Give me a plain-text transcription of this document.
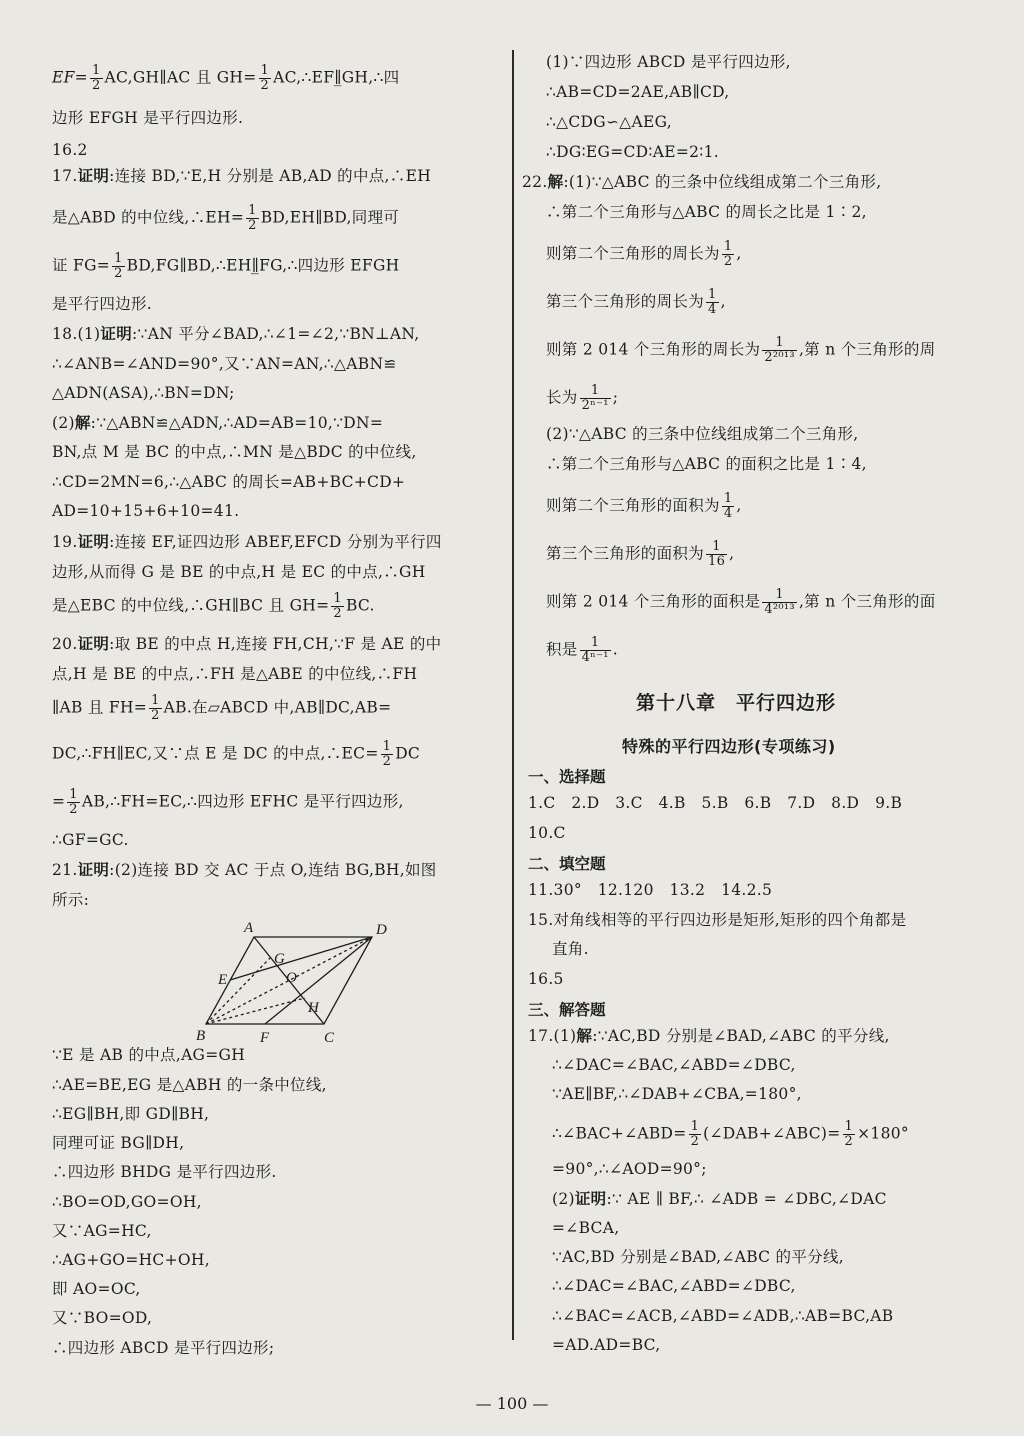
$EF= \frac{1}{2}$ AC,GH∥AC 且 $GH= \frac{1}{2}$ AC,∴EF∥̲GH,∴四
边形 EFGH 是平行四边形.
16.2
17.证明:连接 BD,∵E,H 分别是 AB,AD 的中点,∴EH
是△ABD 的中位线,∴EH= $\frac{1}{2}$ BD,EH∥BD,同理可
证 $FG= \frac{1}{2}$ BD,FG∥BD,∴EH∥̲FG,∴四边形 EFGH
是平行四边形.
18.(1)证明:∵AN 平分∠BAD,∴∠1=∠2,∵BN⊥AN,
∴∠ANB=∠AND=90°,又∵AN=AN,∴△ABN≌
△ADN(ASA),∴BN=DN;
(2)解:∵△ABN≌△ADN,∴AD=AB=10,∵DN=
BN,点 M 是 BC 的中点,∴MN 是△BDC 的中位线,
∴CD=2MN=6,∴△ABC 的周长=AB+BC+CD+
AD=10+15+6+10=41.
19.证明:连接 EF,证四边形 ABEF,EFCD 分别为平行四
边形,从而得 G 是 BE 的中点,H 是 EC 的中点,∴GH
是△EBC 的中位线,∴GH∥BC 且 $GH= \frac{1}{2}$ BC.
20.证明:取 BE 的中点 H,连接 FH,CH,∵F 是 AE 的中
点,H 是 BE 的中点,∴FH 是△ABE 的中位线,∴FH
∥AB 且 $FH= \frac{1}{2}$ AB.在▱ABCD 中,AB∥DC,AB=
DC,∴FH∥EC,又∵点 E 是 DC 的中点,∴EC= $\frac{1}{2}$ DC
= $\frac{1}{2}$ AB,∴FH=EC,∴四边形 EFHC 是平行四边形,
∴GF=GC.
21.证明:(2)连接 BD 交 AC 于点 O,连结 BG,BH,如图
所示:
A	D
G
O
E
H
B	F	C
∵E 是 AB 的中点,AG=GH
∴AE=BE,EG 是△ABH 的一条中位线,
∴EG∥BH,即 GD∥BH,
同理可证 BG∥DH,
∴四边形 BHDG 是平行四边形.
∴BO=OD,GO=OH,
又∵AG=HC,
∴AG+GO=HC+OH,
即 AO=OC,
又∵BO=OD,
∴四边形 ABCD 是平行四边形;
(1)∵四边形 ABCD 是平行四边形,
∴AB=CD=2AE,AB∥CD,
∴△CDG∽△AEG,
∴DG∶EG=CD∶AE=2∶1.
22.解:(1)∵△ABC 的三条中位线组成第二个三角形,
∴第二个三角形与△ABC 的周长之比是 1∶2,
则第二个三角形的周长为 $\frac{1}{2}$ ,
第三个三角形的周长为 $\frac{1}{4}$ ,
则第 2 014 个三角形的周长为 $\frac{1}{\text{2²⁰¹³}}$ ,第 n 个三角形的周
长为 $\frac{1}{\text{2ⁿ⁻¹}}$ ;
(2)∵△ABC 的三条中位线组成第二个三角形,
∴第二个三角形与△ABC 的面积之比是 1∶4,
则第二个三角形的面积为 $\frac{1}{4}$ ,
第三个三角形的面积为 $\frac{1}{16}$ ,
则第 2 014 个三角形的面积是 $\frac{1}{\text{4²⁰¹³}}$ ,第 n 个三角形的面
积是 $\frac{1}{\text{4ⁿ⁻¹}}$ .
第十八章　平行四边形
特殊的平行四边形(专项练习)
一、选择题
1.C　2.D　3.C　4.B　5.B　6.B　7.D　8.D　9.B
10.C
二、填空题
11.30°　12.120　13.2　14.2.5
15.对角线相等的平行四边形是矩形,矩形的四个角都是
直角.
16.5
三、解答题
17.(1)解:∵AC,BD 分别是∠BAD,∠ABC 的平分线,
∴∠DAC=∠BAC,∠ABD=∠DBC,
∵AE∥BF,∴∠DAB+∠CBA,=180°,
∴∠BAC+∠ABD= $\frac{1}{2}$ (∠DAB+∠ABC)= $\frac{1}{2} \times 180^\circ$
=90°,∴∠AOD=90°;
(2)证明:∵ AE ∥ BF,∴ ∠ADB = ∠DBC,∠DAC
=∠BCA,
∵AC,BD 分别是∠BAD,∠ABC 的平分线,
∴∠DAC=∠BAC,∠ABD=∠DBC,
∴∠BAC=∠ACB,∠ABD=∠ADB,∴AB=BC,AB
=AD.AD=BC,
— 100 —
